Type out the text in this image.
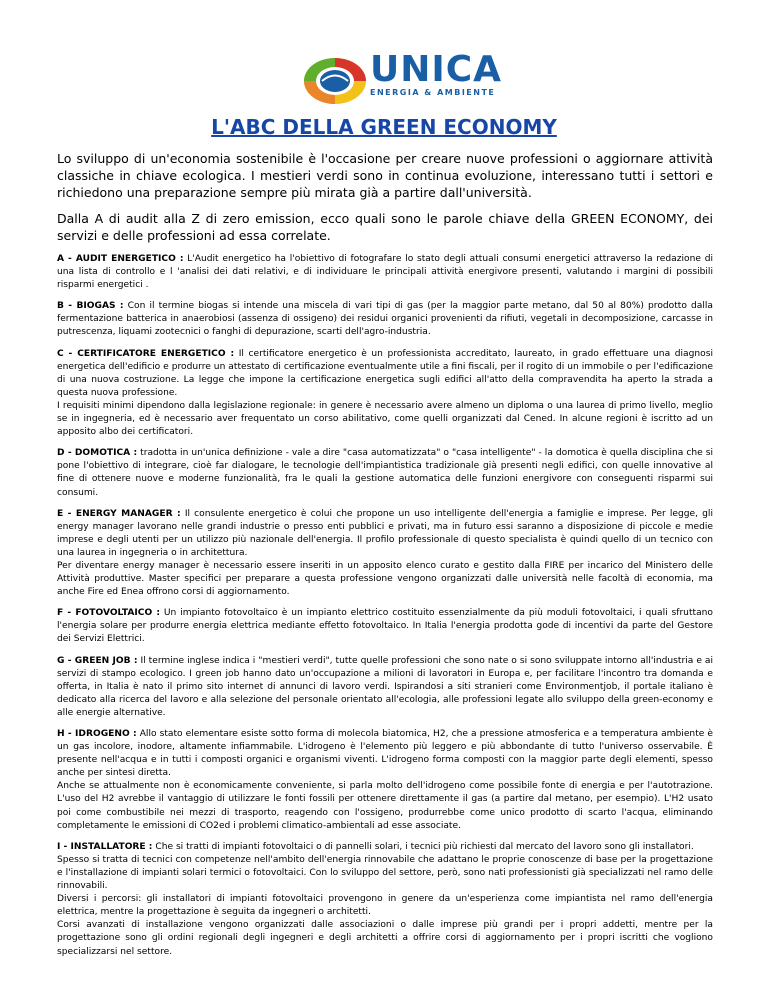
UNICA
ENERGIA & AMBIENTE
L'ABC DELLA GREEN ECONOMY

Lo sviluppo di un'economia sostenibile è l'occasione per creare nuove professioni o aggiornare attività classiche in chiave ecologica. I mestieri verdi sono in continua evoluzione, interessano tutti i settori e richiedono una preparazione sempre più mirata già a partire dall'università.

Dalla A di audit alla Z di zero emission, ecco quali sono le parole chiave della GREEN ECONOMY, dei servizi e delle professioni ad essa correlate.

A - AUDIT ENERGETICO : L'Audit energetico ha l'obiettivo di fotografare lo stato degli attuali consumi energetici attraverso la redazione di una lista di controllo e l 'analisi dei dati relativi, e di individuare le principali attività energivore presenti, valutando i margini di possibili risparmi energetici .

B - BIOGAS : Con il termine biogas si intende una miscela di vari tipi di gas (per la maggior parte metano, dal 50 al 80%) prodotto dalla fermentazione batterica in anaerobiosi (assenza di ossigeno) dei residui organici provenienti da rifiuti, vegetali in decomposizione, carcasse in putrescenza, liquami zootecnici o fanghi di depurazione, scarti dell'agro-industria.

C - CERTIFICATORE ENERGETICO : Il certificatore energetico è un professionista accreditato, laureato, in grado effettuare una diagnosi energetica dell'edificio e produrre un attestato di certificazione eventualmente utile a fini fiscali, per il rogito di un immobile o per l'edificazione di una nuova costruzione. La legge che impone la certificazione energetica sugli edifici all'atto della compravendita ha aperto la strada a questa nuova professione.

I requisiti minimi dipendono dalla legislazione regionale: in genere è necessario avere almeno un diploma o una laurea di primo livello, meglio se in ingegneria, ed è necessario aver frequentato un corso abilitativo, come quelli organizzati dal Cened. In alcune regioni è iscritto ad un apposito albo dei certificatori.

D - DOMOTICA : tradotta in un'unica definizione - vale a dire "casa automatizzata" o "casa intelligente" - la domotica è quella disciplina che si pone l'obiettivo di integrare, cioè far dialogare, le tecnologie dell'impiantistica tradizionale già presenti negli edifici, con quelle innovative al fine di ottenere nuove e moderne funzionalità, fra le quali la gestione automatica delle funzioni energivore con conseguenti risparmi sui consumi.

E - ENERGY MANAGER : Il consulente energetico è colui che propone un uso intelligente dell'energia a famiglie e imprese. Per legge, gli energy manager lavorano nelle grandi industrie o presso enti pubblici e privati, ma in futuro essi saranno a disposizione di piccole e medie imprese e degli utenti per un utilizzo più nazionale dell'energia. Il profilo professionale di questo specialista è quindi quello di un tecnico con una laurea in ingegneria o in architettura.

Per diventare energy manager è necessario essere inseriti in un apposito elenco curato e gestito dalla FIRE per incarico del Ministero delle Attività produttive. Master specifici per preparare a questa professione vengono organizzati dalle università nelle facoltà di economia, ma anche Fire ed Enea offrono corsi di aggiornamento.

F - FOTOVOLTAICO : Un impianto fotovoltaico è un impianto elettrico costituito essenzialmente da più moduli fotovoltaici, i quali sfruttano l'energia solare per produrre energia elettrica mediante effetto fotovoltaico. In Italia l'energia prodotta gode di incentivi da parte del Gestore dei Servizi Elettrici.

G - GREEN JOB : Il termine inglese indica i "mestieri verdi", tutte quelle professioni che sono nate o si sono sviluppate intorno all'industria e ai servizi di stampo ecologico. I green job hanno dato un'occupazione a milioni di lavoratori in Europa e, per facilitare l'incontro tra domanda e offerta, in Italia è nato il primo sito internet di annunci di lavoro verdi. Ispirandosi a siti stranieri come Environmentjob, il portale italiano è dedicato alla ricerca del lavoro e alla selezione del personale orientato all'ecologia, alle professioni legate allo sviluppo della green-economy e alle energie alternative.

H - IDROGENO : Allo stato elementare esiste sotto forma di molecola biatomica, H2, che a pressione atmosferica e a temperatura ambiente è un gas incolore, inodore, altamente infiammabile. L'idrogeno è l'elemento più leggero e più abbondante di tutto l'universo osservabile. È presente nell'acqua e in tutti i composti organici e organismi viventi. L'idrogeno forma composti con la maggior parte degli elementi, spesso anche per sintesi diretta.

Anche se attualmente non è economicamente conveniente, si parla molto dell'idrogeno come possibile fonte di energia e per l'autotrazione. L'uso del H2 avrebbe il vantaggio di utilizzare le fonti fossili per ottenere direttamente il gas (a partire dal metano, per esempio). L'H2 usato poi come combustibile nei mezzi di trasporto, reagendo con l'ossigeno, produrrebbe come unico prodotto di scarto l'acqua, eliminando completamente le emissioni di CO2ed i problemi climatico-ambientali ad esse associate.

I - INSTALLATORE : Che si tratti di impianti fotovoltaici o di pannelli solari, i tecnici più richiesti dal mercato del lavoro sono gli installatori.

Spesso si tratta di tecnici con competenze nell'ambito dell'energia rinnovabile che adattano le proprie conoscenze di base per la progettazione e l'installazione di impianti solari termici o fotovoltaici. Con lo sviluppo del settore, però, sono nati professionisti già specializzati nel ramo delle rinnovabili.

Diversi i percorsi: gli installatori di impianti fotovoltaici provengono in genere da un'esperienza come impiantista nel ramo dell'energia elettrica, mentre la progettazione è seguita da ingegneri o architetti.

Corsi avanzati di installazione vengono organizzati dalle associazioni o dalle imprese più grandi per i propri addetti, mentre per la progettazione sono gli ordini regionali degli ingegneri e degli architetti a offrire corsi di aggiornamento per i propri iscritti che vogliono specializzarsi nel settore.
